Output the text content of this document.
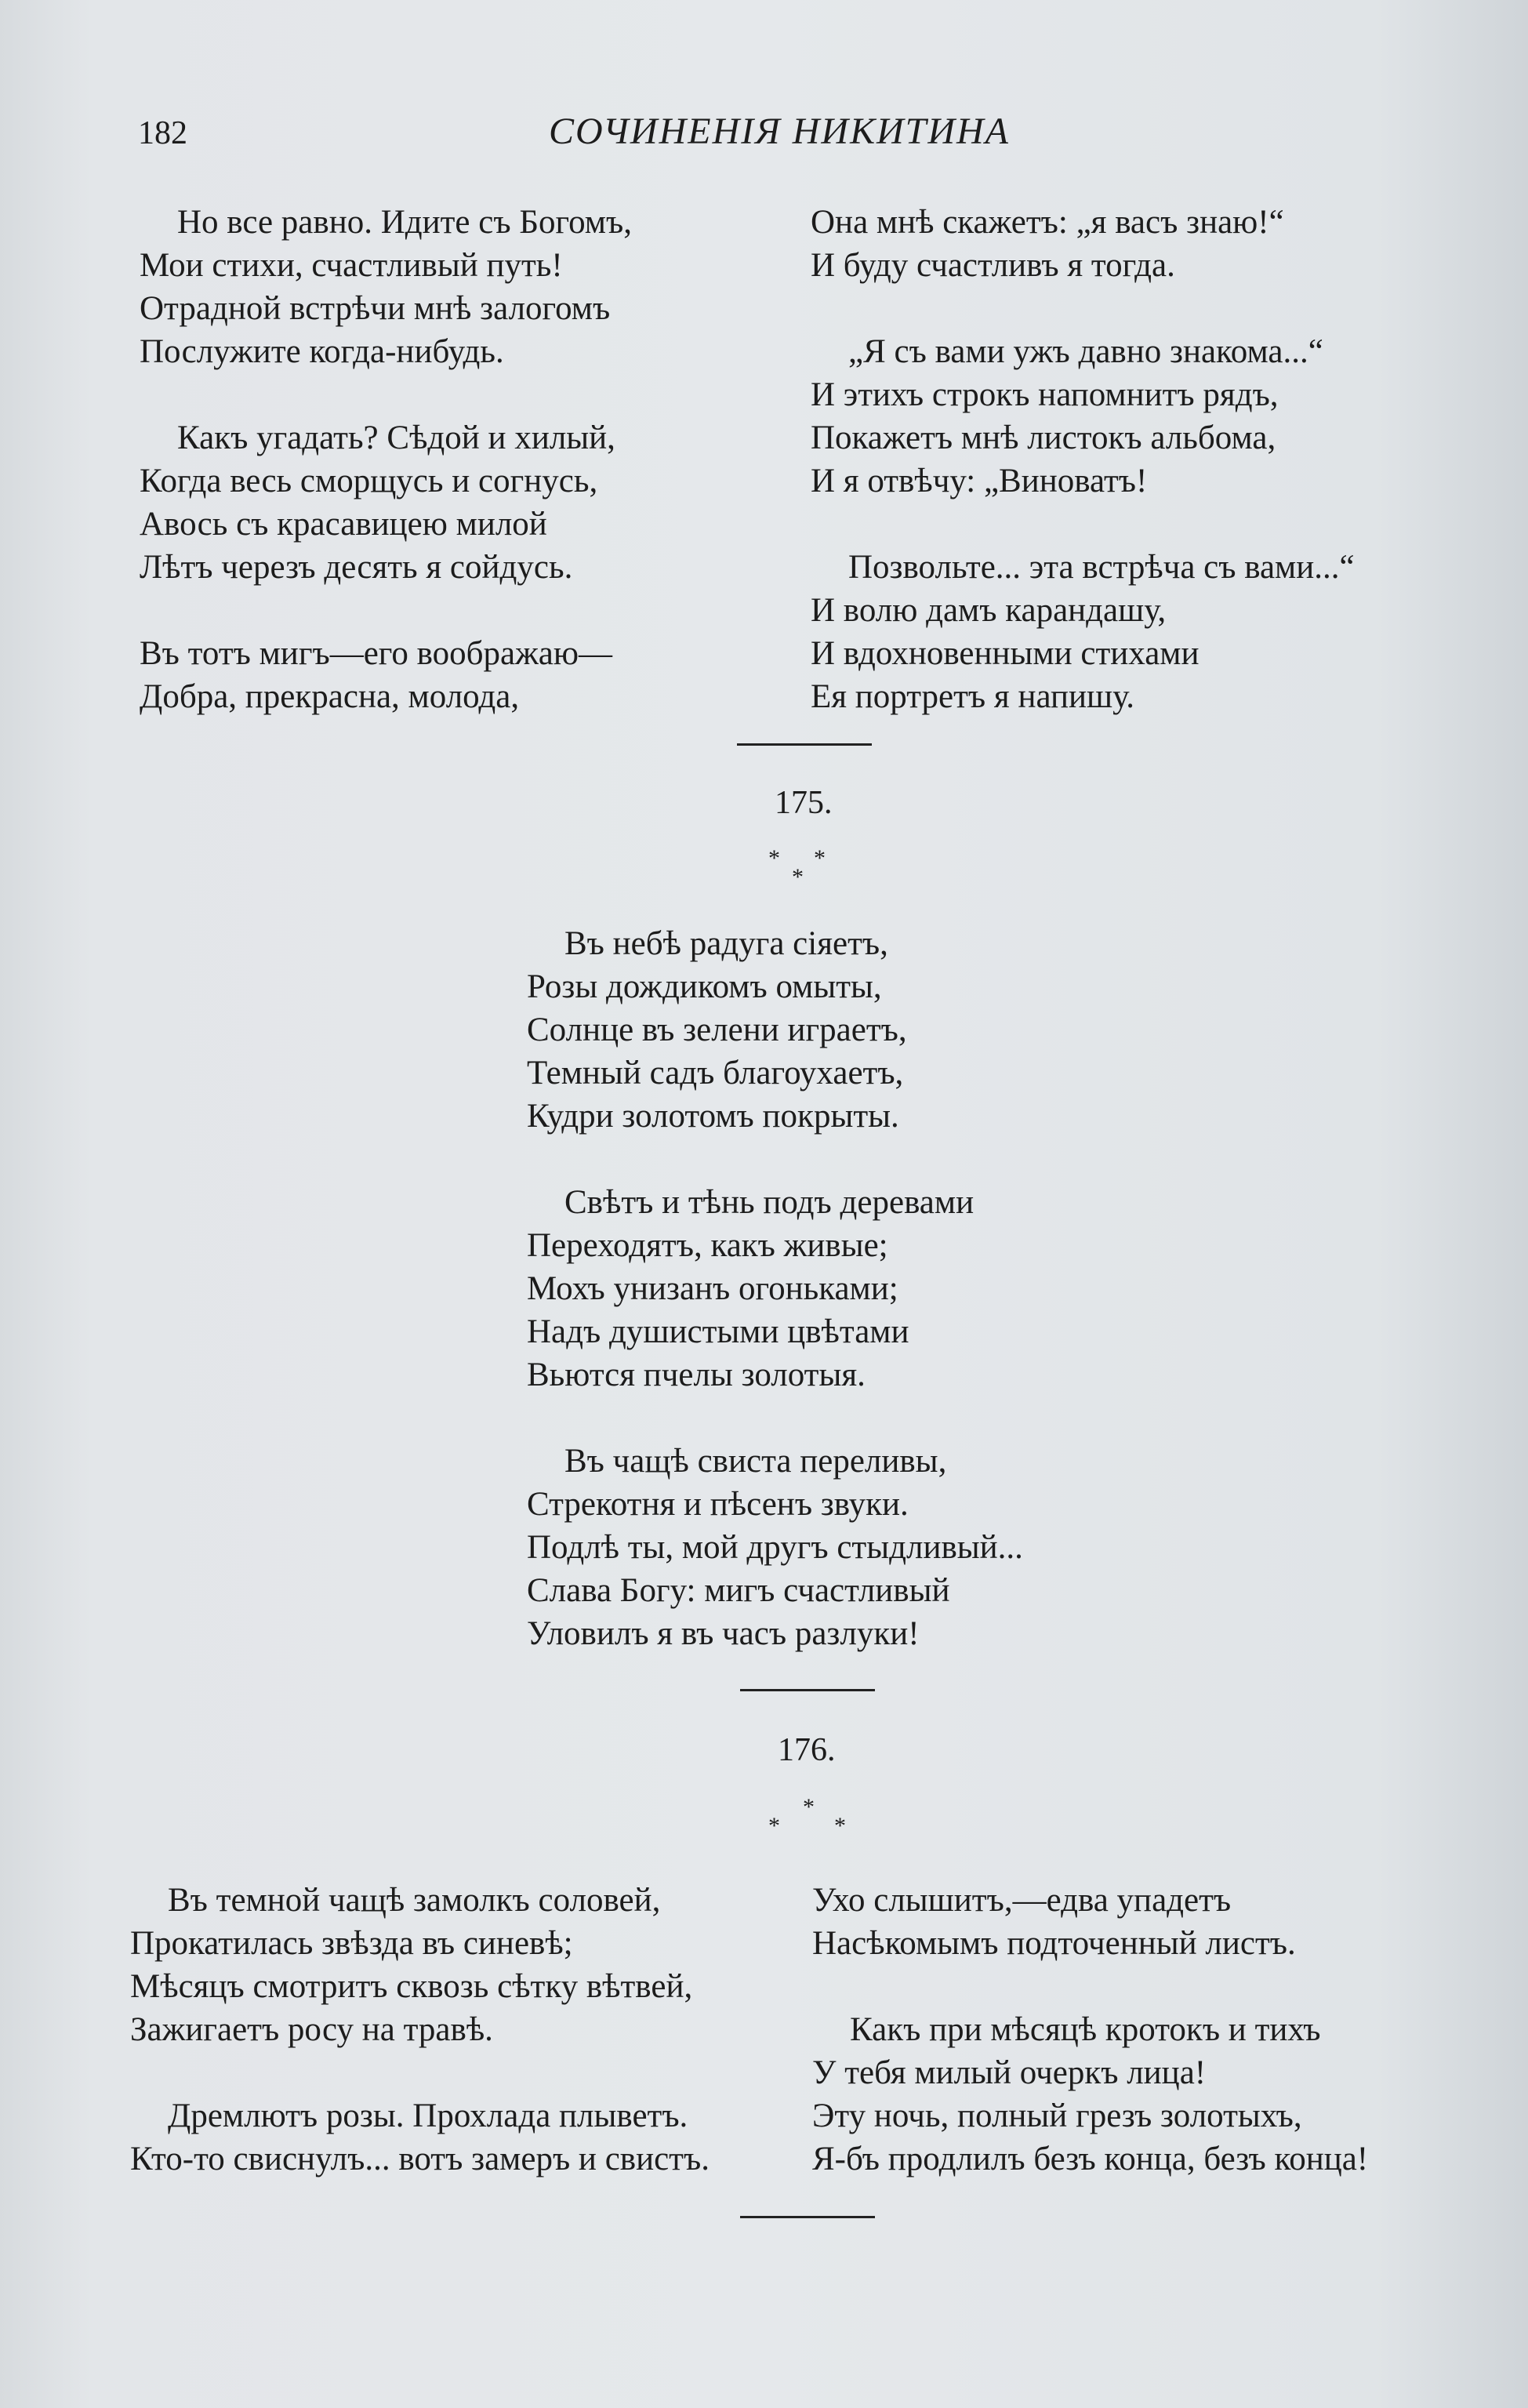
182	СОЧИНЕНІЯ НИКИТИНА
Но все равно. Идите съ Богомъ,
Мои стихи, счастливый путь!
Отрадной встрѣчи мнѣ залогомъ
Послужите когда-нибудь.
Какъ угадать? Сѣдой и хилый,
Когда весь сморщусь и согнусь,
Авось съ красавицею милой
Лѣтъ черезъ десять я сойдусь.
Въ тотъ мигъ—его воображаю—
Добра, прекрасна, молода,
Она мнѣ скажетъ: „я васъ знаю!“
И буду счастливъ я тогда.
„Я съ вами ужъ давно знакома...“
И этихъ строкъ напомнитъ рядъ,
Покажетъ мнѣ листокъ альбома,
И я отвѣчу: „Виноватъ!
Позвольте... эта встрѣча съ вами...“
И волю дамъ карандашу,
И вдохновенными стихами
Ея портретъ я напишу.
175.
* *
*
Въ небѣ радуга сіяетъ,
Розы дождикомъ омыты,
Солнце въ зелени играетъ,
Темный садъ благоухаетъ,
Кудри золотомъ покрыты.
Свѣтъ и тѣнь подъ деревами
Переходятъ, какъ живые;
Мохъ унизанъ огоньками;
Надъ душистыми цвѣтами
Вьются пчелы золотыя.
Въ чащѣ свиста переливы,
Стрекотня и пѣсенъ звуки.
Подлѣ ты, мой другъ стыдливый...
Слава Богу: мигъ счастливый
Уловилъ я въ часъ разлуки!
176.
*
* *
Въ темной чащѣ замолкъ соловей,
Прокатилась звѣзда въ синевѣ;
Мѣсяцъ смотритъ сквозь сѣтку вѣтвей,
Зажигаетъ росу на травѣ.
Дремлютъ розы. Прохлада плыветъ.
Кто-то свиснулъ... вотъ замеръ и свистъ.
Ухо слышитъ,—едва упадетъ
Насѣкомымъ подточенный листъ.
Какъ при мѣсяцѣ кротокъ и тихъ
У тебя милый очеркъ лица!
Эту ночь, полный грезъ золотыхъ,
Я-бъ продлилъ безъ конца, безъ конца!
